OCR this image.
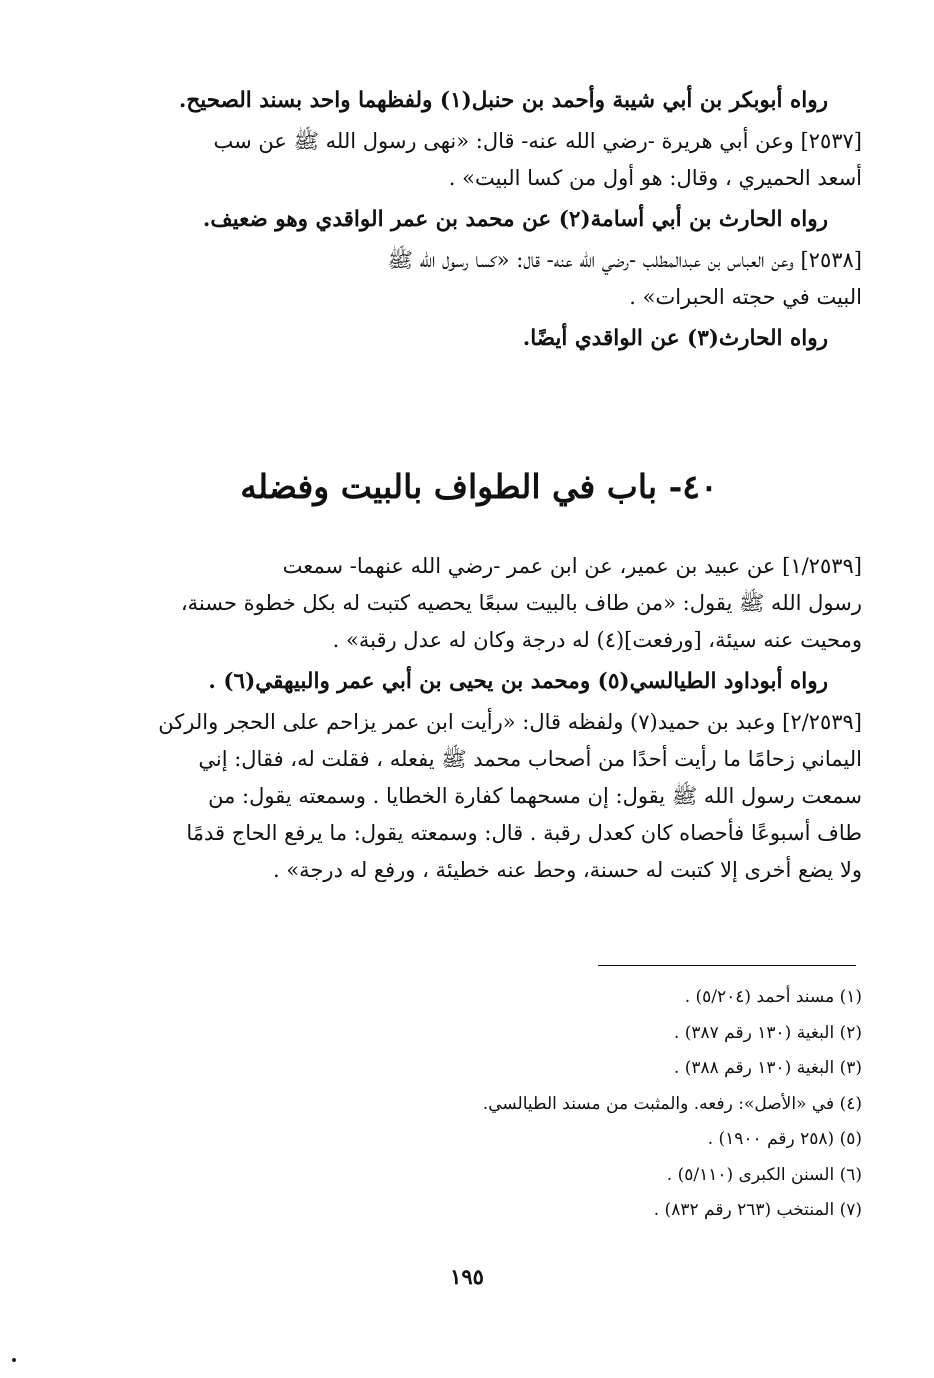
رواه أبوبكر بن أبي شيبة وأحمد بن حنبل(١) ولفظهما واحد بسند الصحيح.
[٢٥٣٧] وعن أبي هريرة -رضي الله عنه- قال: «نهى رسول الله ﷺ عن سب
أسعد الحميري ، وقال: هو أول من كسا البيت» .
رواه الحارث بن أبي أسامة(٢) عن محمد بن عمر الواقدي وهو ضعيف.
[٢٥٣٨] وعن العباس بن عبدالمطلب -رضي الله عنه- قال: «كسا رسول الله ﷺ
البيت في حجته الحبرات» .
رواه الحارث(٣) عن الواقدي أيضًا.
٤٠- باب في الطواف بالبيت وفضله
[١/٢٥٣٩] عن عبيد بن عمير، عن ابن عمر -رضي الله عنهما- سمعت
رسول الله ﷺ يقول: «من طاف بالبيت سبعًا يحصيه كتبت له بكل خطوة حسنة،
ومحيت عنه سيئة، [ورفعت](٤) له درجة وكان له عدل رقبة» .
رواه أبوداود الطيالسي(٥) ومحمد بن يحيى بن أبي عمر والبيهقي(٦) .
[٢/٢٥٣٩] وعبد بن حميد(٧) ولفظه قال: «رأيت ابن عمر يزاحم على الحجر والركن
اليماني زحامًا ما رأيت أحدًا من أصحاب محمد ﷺ يفعله ، فقلت له، فقال: إني
سمعت رسول الله ﷺ يقول: إن مسحهما كفارة الخطايا . وسمعته يقول: من
طاف أسبوعًا فأحصاه كان كعدل رقبة . قال: وسمعته يقول: ما يرفع الحاج قدمًا
ولا يضع أخرى إلا كتبت له حسنة، وحط عنه خطيئة ، ورفع له درجة» .
(١) مسند أحمد (٥/٢٠٤) .
(٢) البغية (١٣٠ رقم ٣٨٧) .
(٣) البغية (١٣٠ رقم ٣٨٨) .
(٤) في «الأصل»: رفعه. والمثبت من مسند الطيالسي.
(٥) (٢٥٨ رقم ١٩٠٠) .
(٦) السنن الكبرى (٥/١١٠) .
(٧) المنتخب (٢٦٣ رقم ٨٣٢) .
١٩٥
